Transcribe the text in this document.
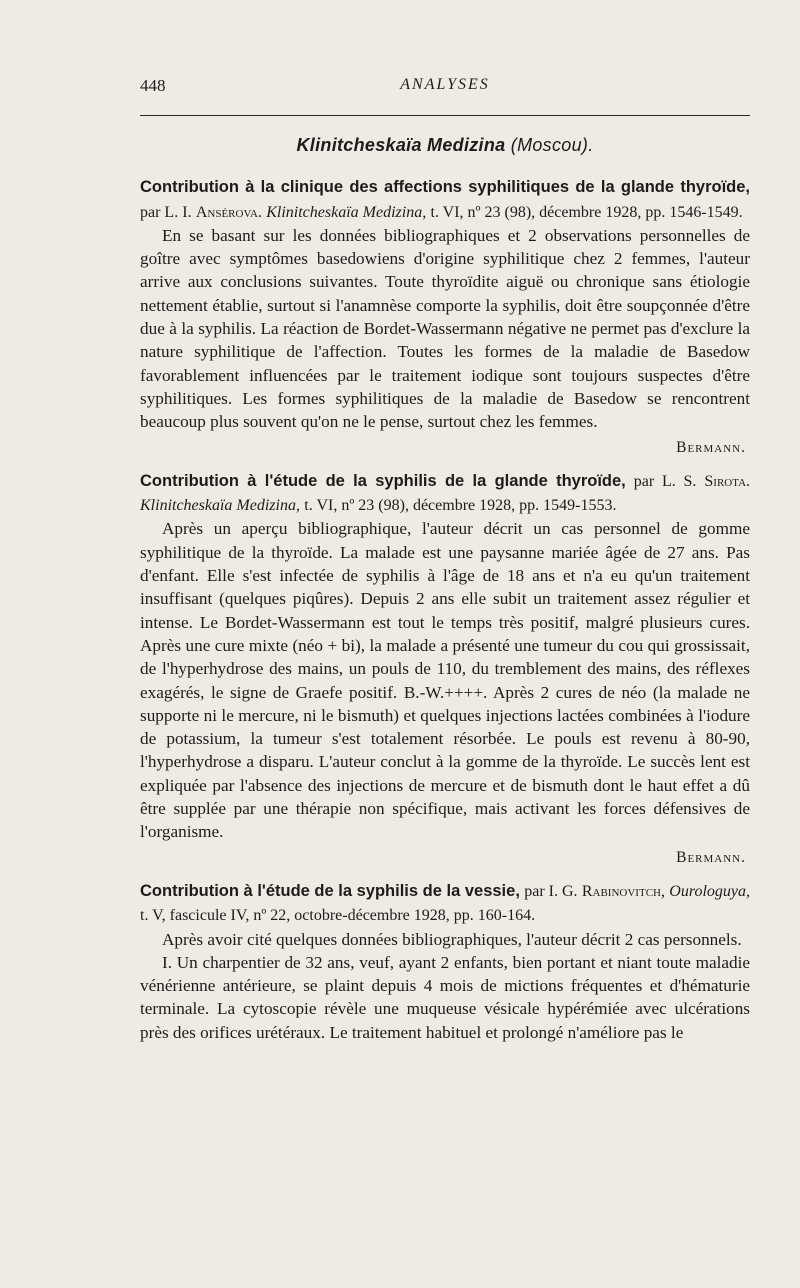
448	ANALYSES
Klinitcheskaïa Medizina (Moscou).

Contribution à la clinique des affections syphilitiques de la glande thyroïde, par L. I. Ansérova. Klinitcheskaïa Medizina, t. VI, nº 23 (98), décembre 1928, pp. 1546-1549.

En se basant sur les données bibliographiques et 2 observations personnelles de goître avec symptômes basedowiens d'origine syphilitique chez 2 femmes, l'auteur arrive aux conclusions suivantes. Toute thyroïdite aiguë ou chronique sans étiologie nettement établie, surtout si l'anamnèse comporte la syphilis, doit être soupçonnée d'être due à la syphilis. La réaction de Bordet-Wassermann négative ne permet pas d'exclure la nature syphilitique de l'affection. Toutes les formes de la maladie de Basedow favorablement influencées par le traitement iodique sont toujours suspectes d'être syphilitiques. Les formes syphilitiques de la maladie de Basedow se rencontrent beaucoup plus souvent qu'on ne le pense, surtout chez les femmes.

Bermann.

Contribution à l'étude de la syphilis de la glande thyroïde, par L. S. Sirota. Klinitcheskaïa Medizina, t. VI, nº 23 (98), décembre 1928, pp. 1549-1553.

Après un aperçu bibliographique, l'auteur décrit un cas personnel de gomme syphilitique de la thyroïde. La malade est une paysanne mariée âgée de 27 ans. Pas d'enfant. Elle s'est infectée de syphilis à l'âge de 18 ans et n'a eu qu'un traitement insuffisant (quelques piqûres). Depuis 2 ans elle subit un traitement assez régulier et intense. Le Bordet-Wassermann est tout le temps très positif, malgré plusieurs cures. Après une cure mixte (néo + bi), la malade a présenté une tumeur du cou qui grossissait, de l'hyperhydrose des mains, un pouls de 110, du tremblement des mains, des réflexes exagérés, le signe de Graefe positif. B.-W.++++. Après 2 cures de néo (la malade ne supporte ni le mercure, ni le bismuth) et quelques injections lactées combinées à l'iodure de potassium, la tumeur s'est totalement résorbée. Le pouls est revenu à 80-90, l'hyperhydrose a disparu. L'auteur conclut à la gomme de la thyroïde. Le succès lent est expliquée par l'absence des injections de mercure et de bismuth dont le haut effet a dû être supplée par une thérapie non spécifique, mais activant les forces défensives de l'organisme.

Bermann.

Contribution à l'étude de la syphilis de la vessie, par I. G. Rabinovitch, Ourologuya, t. V, fascicule IV, nº 22, octobre-décembre 1928, pp. 160-164.

Après avoir cité quelques données bibliographiques, l'auteur décrit 2 cas personnels.

I. Un charpentier de 32 ans, veuf, ayant 2 enfants, bien portant et niant toute maladie vénérienne antérieure, se plaint depuis 4 mois de mictions fréquentes et d'hématurie terminale. La cytoscopie révèle une muqueuse vésicale hypérémiée avec ulcérations près des orifices urétéraux. Le traitement habituel et prolongé n'améliore pas le
